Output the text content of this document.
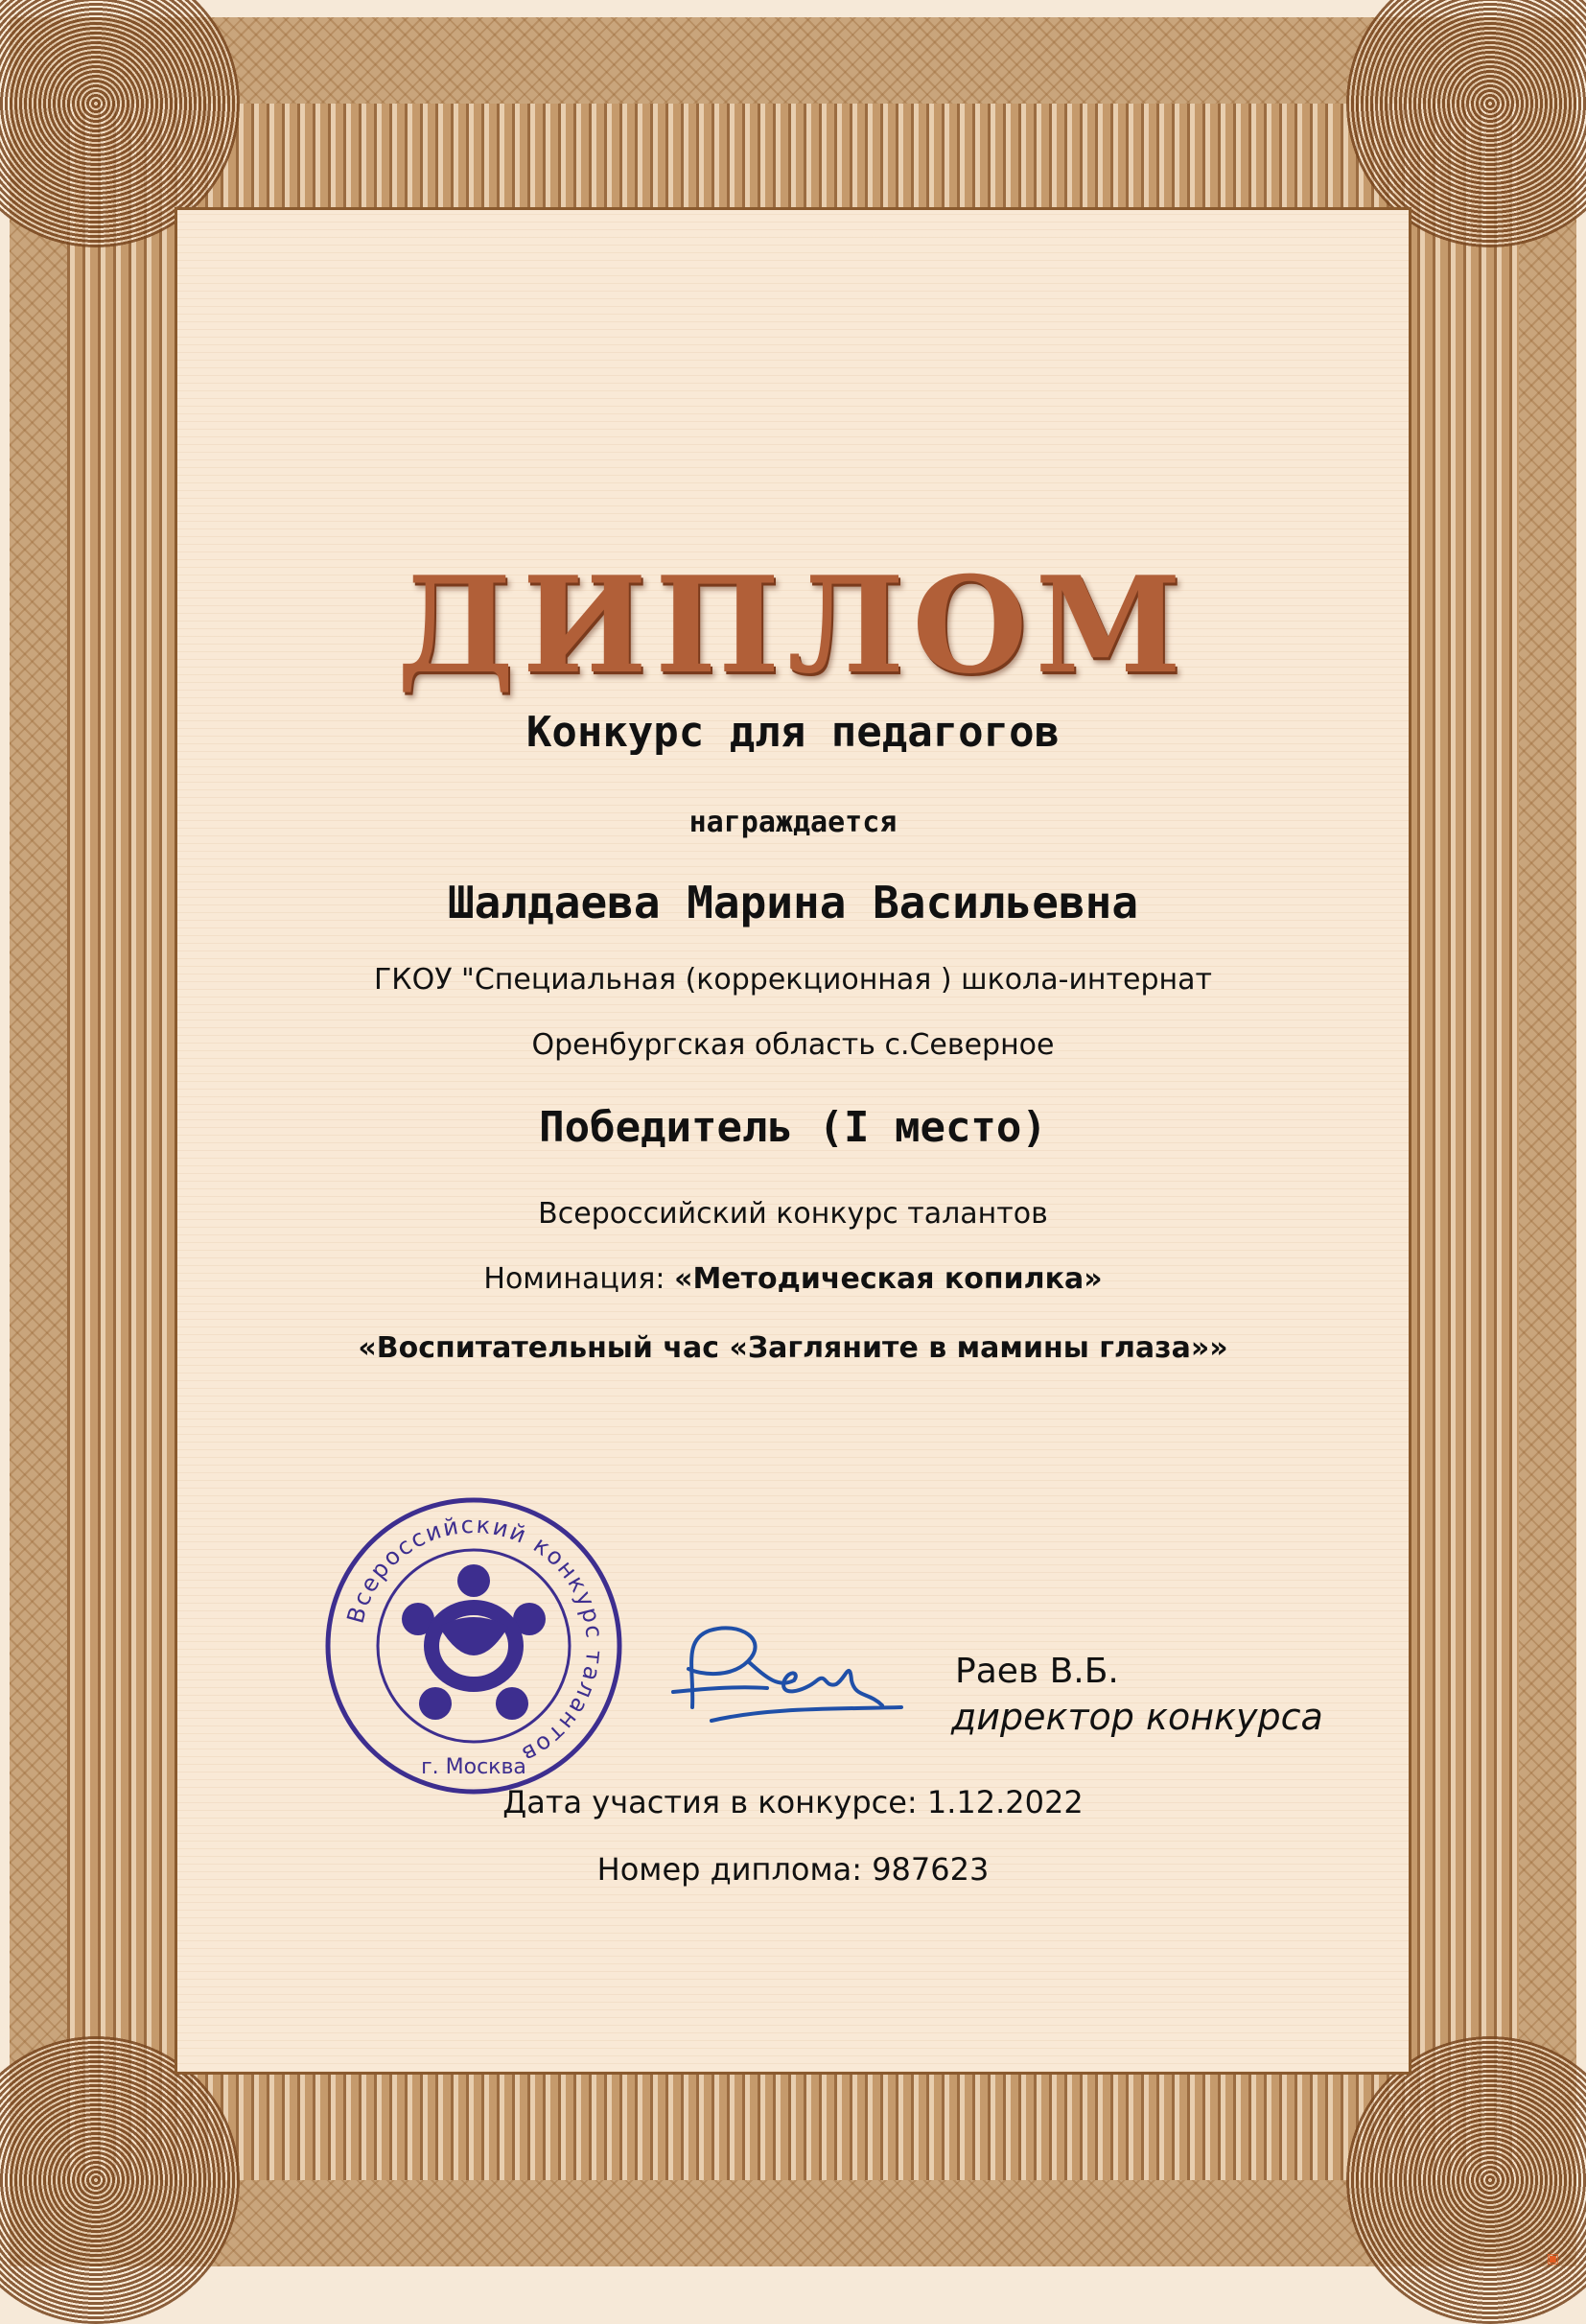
ДИПЛОМ
Конкурс для педагогов
награждается
Шалдаева Марина Васильевна
ГКОУ "Специальная (коррекционная ) школа-интернат
Оренбургская область с.Северное
Победитель (I место)
Всероссийский конкурс талантов
Номинация: «Методическая копилка»
«Воспитательный час «Загляните в мамины глаза»»
Всероссийский конкурс талантов
г. Москва
Раев В.Б.
директор конкурса
Дата участия в конкурсе: 1.12.2022
Номер диплома: 987623
▣
